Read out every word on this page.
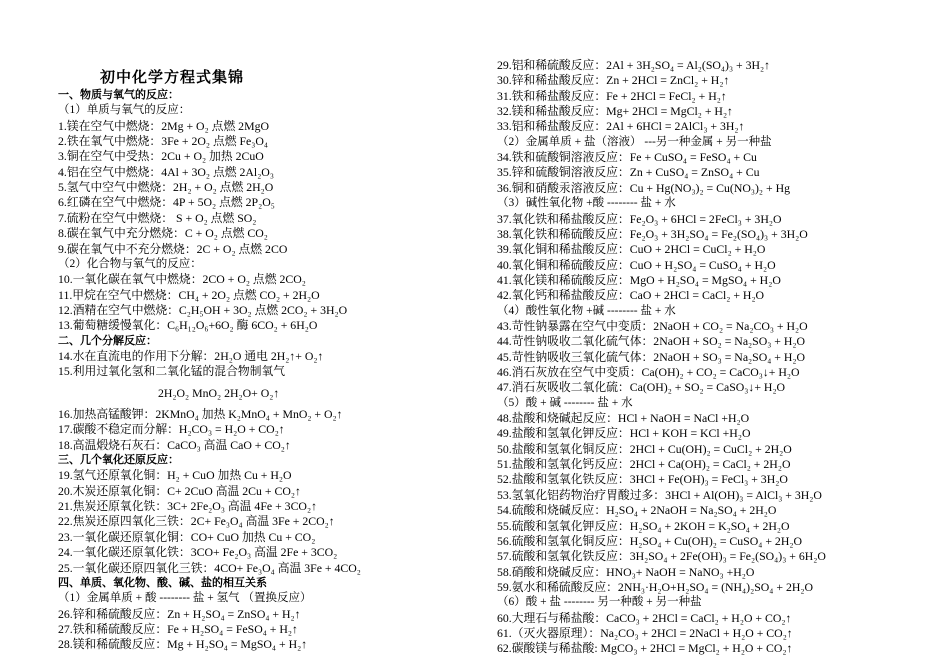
初中化学方程式集锦
一、物质与氧气的反应：
（1）单质与氧气的反应：
1.镁在空气中燃烧：2Mg + O₂ 点燃 2MgO
2.铁在氧气中燃烧：3Fe + 2O₂ 点燃 Fe₃O₄
3.铜在空气中受热：2Cu + O₂ 加热 2CuO
4.铝在空气中燃烧：4Al + 3O₂ 点燃 2Al₂O₃
5.氢气中空气中燃烧：2H₂ + O₂ 点燃 2H₂O
6.红磷在空气中燃烧：4P + 5O₂ 点燃 2P₂O₅
7.硫粉在空气中燃烧： S + O₂ 点燃 SO₂
8.碳在氧气中充分燃烧：C + O₂ 点燃 CO₂
9.碳在氧气中不充分燃烧：2C + O₂ 点燃 2CO
（2）化合物与氧气的反应：
10.一氧化碳在氧气中燃烧：2CO + O₂ 点燃 2CO₂
11.甲烷在空气中燃烧：CH₄ + 2O₂ 点燃 CO₂ + 2H₂O
12.酒精在空气中燃烧：C₂H₅OH + 3O₂ 点燃 2CO₂ + 3H₂O
13.葡萄糖缓慢氧化：C₆H₁₂O₆+6O₂ 酶 6CO₂ + 6H₂O
二、几个分解反应：
14.水在直流电的作用下分解：2H₂O 通电 2H₂↑+ O₂↑
15.利用过氧化氢和二氧化锰的混合物制氧气
2H₂O₂ MnO₂ 2H₂O+ O₂↑
16.加热高锰酸钾：2KMnO₄ 加热 K₂MnO₄ + MnO₂ + O₂↑
17.碳酸不稳定而分解：H₂CO₃ = H₂O + CO₂↑
18.高温煅烧石灰石：CaCO₃ 高温 CaO + CO₂↑
三、几个氧化还原反应：
19.氢气还原氧化铜：H₂ + CuO 加热 Cu + H₂O
20.木炭还原氧化铜：C+ 2CuO 高温 2Cu + CO₂↑
21.焦炭还原氧化铁：3C+ 2Fe₂O₃ 高温 4Fe + 3CO₂↑
22.焦炭还原四氧化三铁：2C+ Fe₃O₄ 高温 3Fe + 2CO₂↑
23.一氧化碳还原氧化铜：CO+ CuO 加热 Cu + CO₂
24.一氧化碳还原氧化铁：3CO+ Fe₂O₃ 高温 2Fe + 3CO₂
25.一氧化碳还原四氧化三铁：4CO+ Fe₃O₄ 高温 3Fe + 4CO₂
四、单质、氧化物、酸、碱、盐的相互关系
（1）金属单质 + 酸 -------- 盐 + 氢气 （置换反应）
26.锌和稀硫酸反应：Zn + H₂SO₄ = ZnSO₄ + H₂↑
27.铁和稀硫酸反应：Fe + H₂SO₄ = FeSO₄ + H₂↑
28.镁和稀硫酸反应：Mg + H₂SO₄ = MgSO₄ + H₂↑
29.铝和稀硫酸反应：2Al + 3H₂SO₄ = Al₂(SO₄)₃ + 3H₂↑
30.锌和稀盐酸反应：Zn + 2HCl = ZnCl₂ + H₂↑
31.铁和稀盐酸反应：Fe + 2HCl = FeCl₂ + H₂↑
32.镁和稀盐酸反应：Mg+ 2HCl = MgCl₂ + H₂↑
33.铝和稀盐酸反应：2Al + 6HCl = 2AlCl₃ + 3H₂↑
（2）金属单质 + 盐（溶液） ---另一种金属 + 另一种盐
34.铁和硫酸铜溶液反应：Fe + CuSO₄ = FeSO₄ + Cu
35.锌和硫酸铜溶液反应：Zn + CuSO₄ = ZnSO₄ + Cu
36.铜和硝酸汞溶液反应：Cu + Hg(NO₃)₂ = Cu(NO₃)₂ + Hg
（3）碱性氧化物 +酸 -------- 盐 + 水
37.氧化铁和稀盐酸反应：Fe₂O₃ + 6HCl = 2FeCl₃ + 3H₂O
38.氧化铁和稀硫酸反应：Fe₂O₃ + 3H₂SO₄ = Fe₂(SO₄)₃ + 3H₂O
39.氧化铜和稀盐酸反应：CuO + 2HCl = CuCl₂ + H₂O
40.氧化铜和稀硫酸反应：CuO + H₂SO₄ = CuSO₄ + H₂O
41.氧化镁和稀硫酸反应：MgO + H₂SO₄ = MgSO₄ + H₂O
42.氧化钙和稀盐酸反应：CaO + 2HCl = CaCl₂ + H₂O
（4）酸性氧化物 +碱 -------- 盐 + 水
43.苛性钠暴露在空气中变质：2NaOH + CO₂ = Na₂CO₃ + H₂O
44.苛性钠吸收二氧化硫气体：2NaOH + SO₂ = Na₂SO₃ + H₂O
45.苛性钠吸收三氧化硫气体：2NaOH + SO₃ = Na₂SO₄ + H₂O
46.消石灰放在空气中变质：Ca(OH)₂ + CO₂ = CaCO₃↓+ H₂O
47.消石灰吸收二氧化硫：Ca(OH)₂ + SO₂ = CaSO₃↓+ H₂O
（5）酸 + 碱 -------- 盐 + 水
48.盐酸和烧碱起反应：HCl + NaOH = NaCl +H₂O
49.盐酸和氢氧化钾反应：HCl + KOH = KCl +H₂O
50.盐酸和氢氧化铜反应：2HCl + Cu(OH)₂ = CuCl₂ + 2H₂O
51.盐酸和氢氧化钙反应：2HCl + Ca(OH)₂ = CaCl₂ + 2H₂O
52.盐酸和氢氧化铁反应：3HCl + Fe(OH)₃ = FeCl₃ + 3H₂O
53.氢氧化铝药物治疗胃酸过多：3HCl + Al(OH)₃ = AlCl₃ + 3H₂O
54.硫酸和烧碱反应：H₂SO₄ + 2NaOH = Na₂SO₄ + 2H₂O
55.硫酸和氢氧化钾反应：H₂SO₄ + 2KOH = K₂SO₄ + 2H₂O
56.硫酸和氢氧化铜反应：H₂SO₄ + Cu(OH)₂ = CuSO₄ + 2H₂O
57.硫酸和氢氧化铁反应：3H₂SO₄ + 2Fe(OH)₃ = Fe₂(SO₄)₃ + 6H₂O
58.硝酸和烧碱反应：HNO₃+ NaOH = NaNO₃ +H₂O
59.氨水和稀硫酸反应：2NH₃·H₂O+H₂SO₄ = (NH₄)₂SO₄ + 2H₂O
（6）酸 + 盐 -------- 另一种酸 + 另一种盐
60.大理石与稀盐酸：CaCO₃ + 2HCl = CaCl₂ + H₂O + CO₂↑
61.（灭火器原理）：Na₂CO₃ + 2HCl = 2NaCl + H₂O + CO₂↑
62.碳酸镁与稀盐酸: MgCO₃ + 2HCl = MgCl₂ + H₂O + CO₂↑
